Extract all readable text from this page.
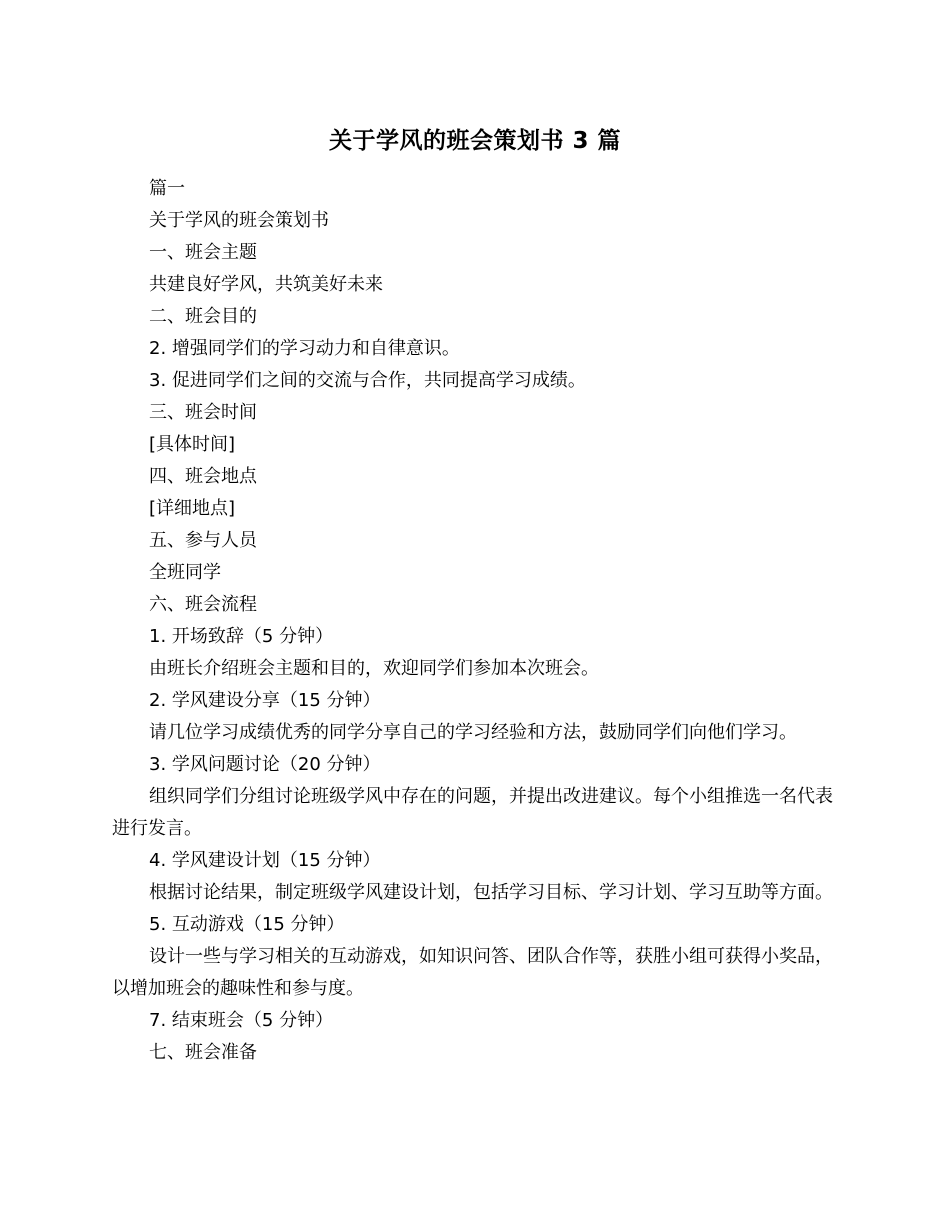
关于学风的班会策划书 3 篇

篇一

关于学风的班会策划书

一、班会主题

共建良好学风，共筑美好未来

二、班会目的

2. 增强同学们的学习动力和自律意识。

3. 促进同学们之间的交流与合作，共同提高学习成绩。

三、班会时间

[具体时间]

四、班会地点

[详细地点]

五、参与人员

全班同学

六、班会流程

1. 开场致辞（5 分钟）

由班长介绍班会主题和目的，欢迎同学们参加本次班会。

2. 学风建设分享（15 分钟）

请几位学习成绩优秀的同学分享自己的学习经验和方法，鼓励同学们向他们学习。

3. 学风问题讨论（20 分钟）

组织同学们分组讨论班级学风中存在的问题，并提出改进建议。每个小组推选一名代表进行发言。

4. 学风建设计划（15 分钟）

根据讨论结果，制定班级学风建设计划，包括学习目标、学习计划、学习互助等方面。

5. 互动游戏（15 分钟）

设计一些与学习相关的互动游戏，如知识问答、团队合作等，获胜小组可获得小奖品，以增加班会的趣味性和参与度。

7. 结束班会（5 分钟）

七、班会准备
